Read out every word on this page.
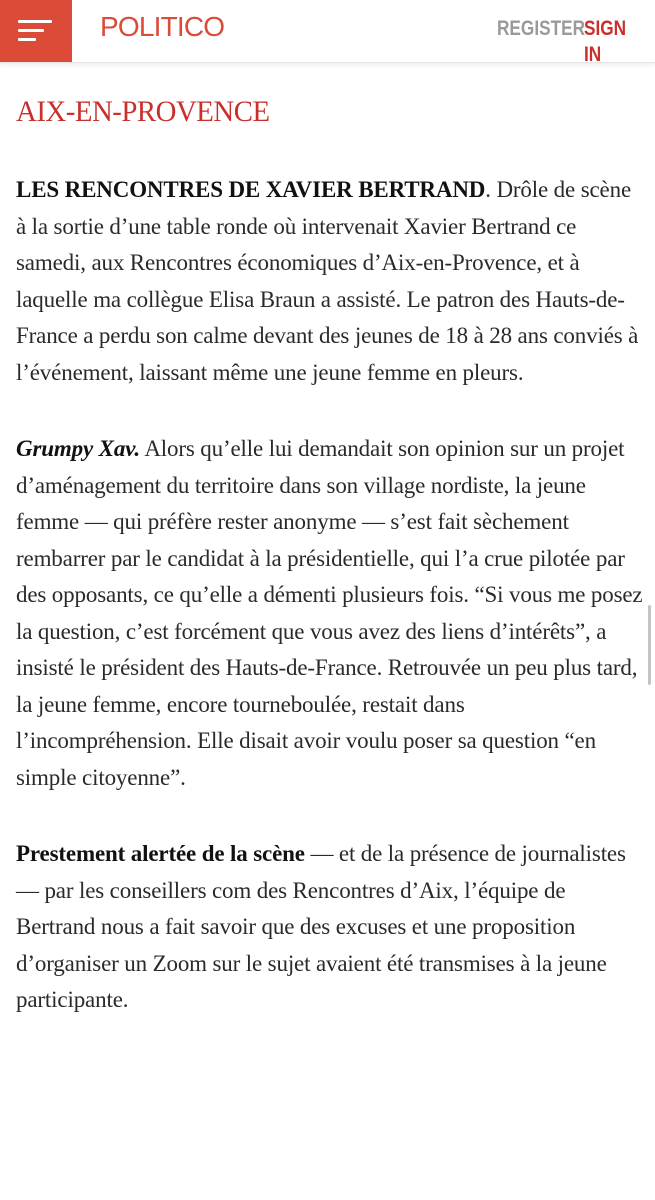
POLITICO	REGISTER
SIGN IN
AIX-EN-PROVENCE

LES RENCONTRES DE XAVIER BERTRAND. Drôle de scène à la sortie d’une table ronde où intervenait Xavier Bertrand ce samedi, aux Rencontres économiques d’Aix-en-Provence, et à laquelle ma collègue Elisa Braun a assisté. Le patron des Hauts-de-France a perdu son calme devant des jeunes de 18 à 28 ans conviés à l’événement, laissant même une jeune femme en pleurs.

Grumpy Xav. Alors qu’elle lui demandait son opinion sur un projet d’aménagement du territoire dans son village nordiste, la jeune femme — qui préfère rester anonyme — s’est fait sèchement rembarrer par le candidat à la présidentielle, qui l’a crue pilotée par des opposants, ce qu’elle a démenti plusieurs fois. “Si vous me posez la question, c’est forcément que vous avez des liens d’intérêts”, a insisté le président des Hauts-de-France. Retrouvée un peu plus tard, la jeune femme, encore tourneboulée, restait dans l’incompréhension. Elle disait avoir voulu poser sa question “en simple citoyenne”.

Prestement alertée de la scène — et de la présence de journalistes— par les conseillers com des Rencontres d’Aix, l’équipe de Bertrand nous a fait savoir que des excuses et une proposition d’organiser un Zoom sur le sujet avaient été transmises à la jeune participante.
